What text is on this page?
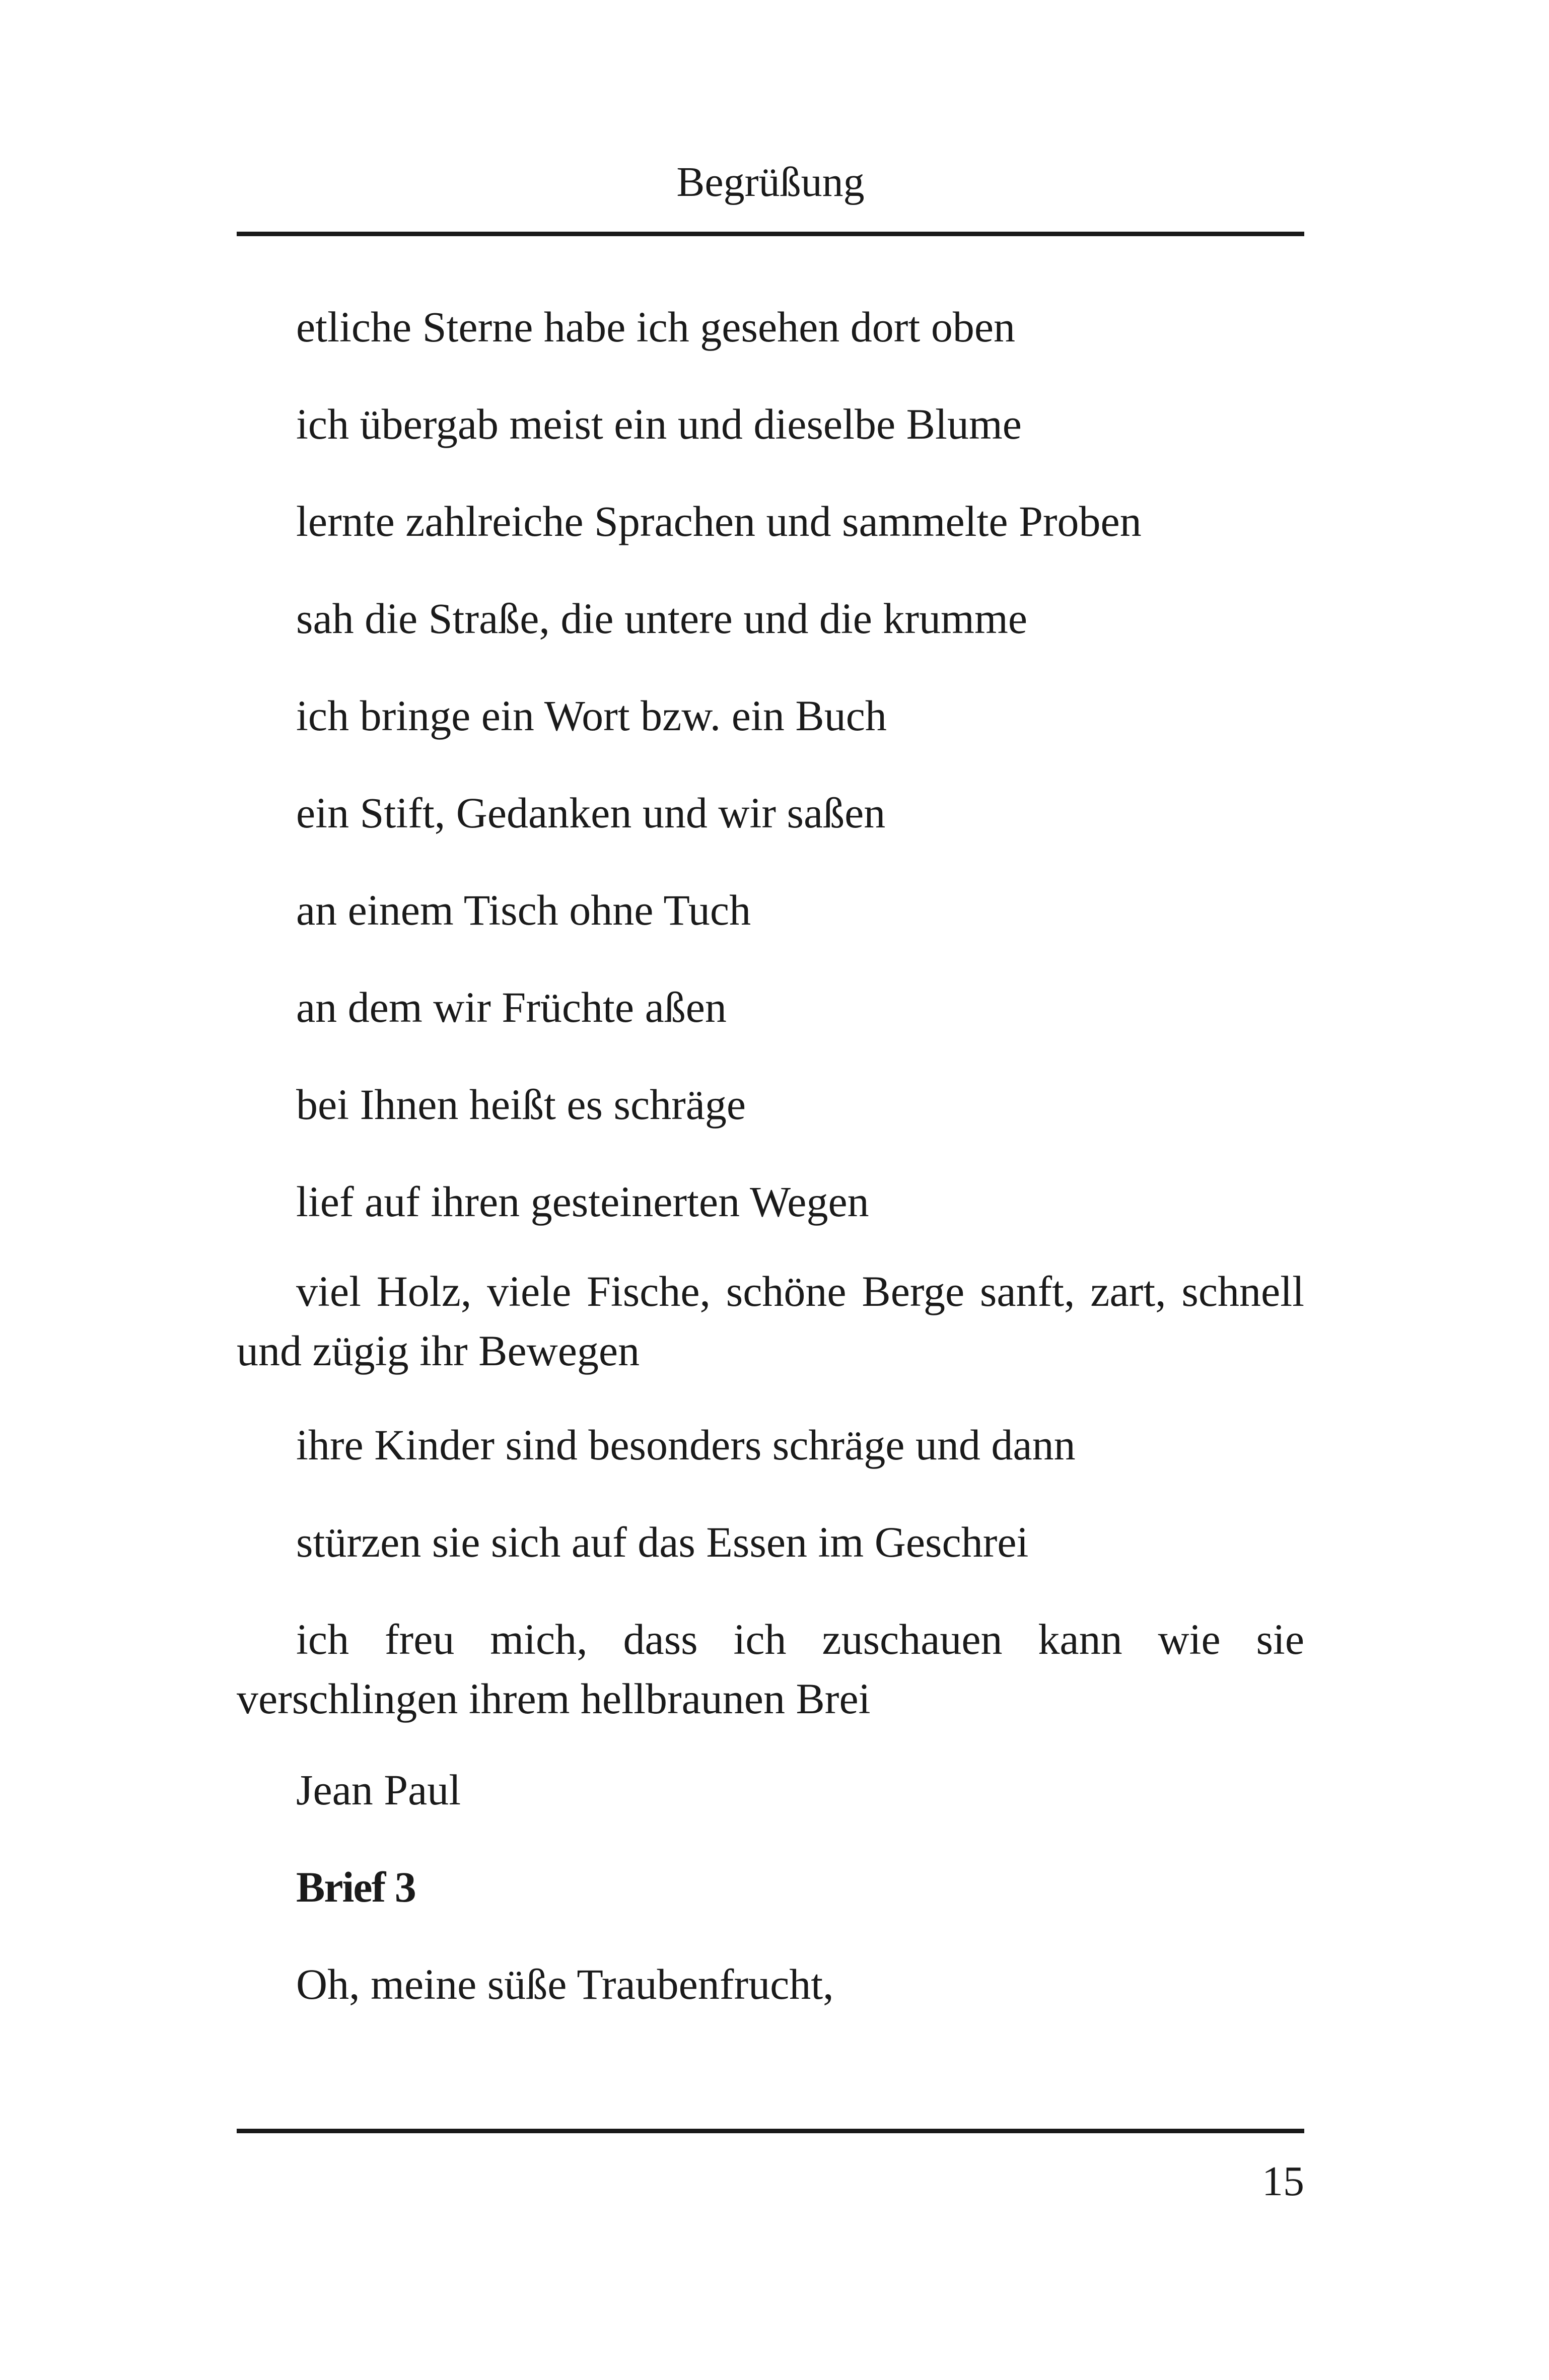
Begrüßung

etliche Sterne habe ich gesehen dort oben

ich übergab meist ein und dieselbe Blume

lernte zahlreiche Sprachen und sammelte Proben

sah die Straße, die untere und die krumme

ich bringe ein Wort bzw. ein Buch

ein Stift, Gedanken und wir saßen

an einem Tisch ohne Tuch

an dem wir Früchte aßen

bei Ihnen heißt es schräge

lief auf ihren gesteinerten Wegen

viel Holz, viele Fische, schöne Berge sanft, zart, schnell und zügig ihr Bewegen

ihre Kinder sind besonders schräge und dann

stürzen sie sich auf das Essen im Geschrei

ich freu mich, dass ich zuschauen kann wie sie verschlingen ihrem hellbraunen Brei

Jean Paul

Brief 3

Oh, meine süße Traubenfrucht,

15
